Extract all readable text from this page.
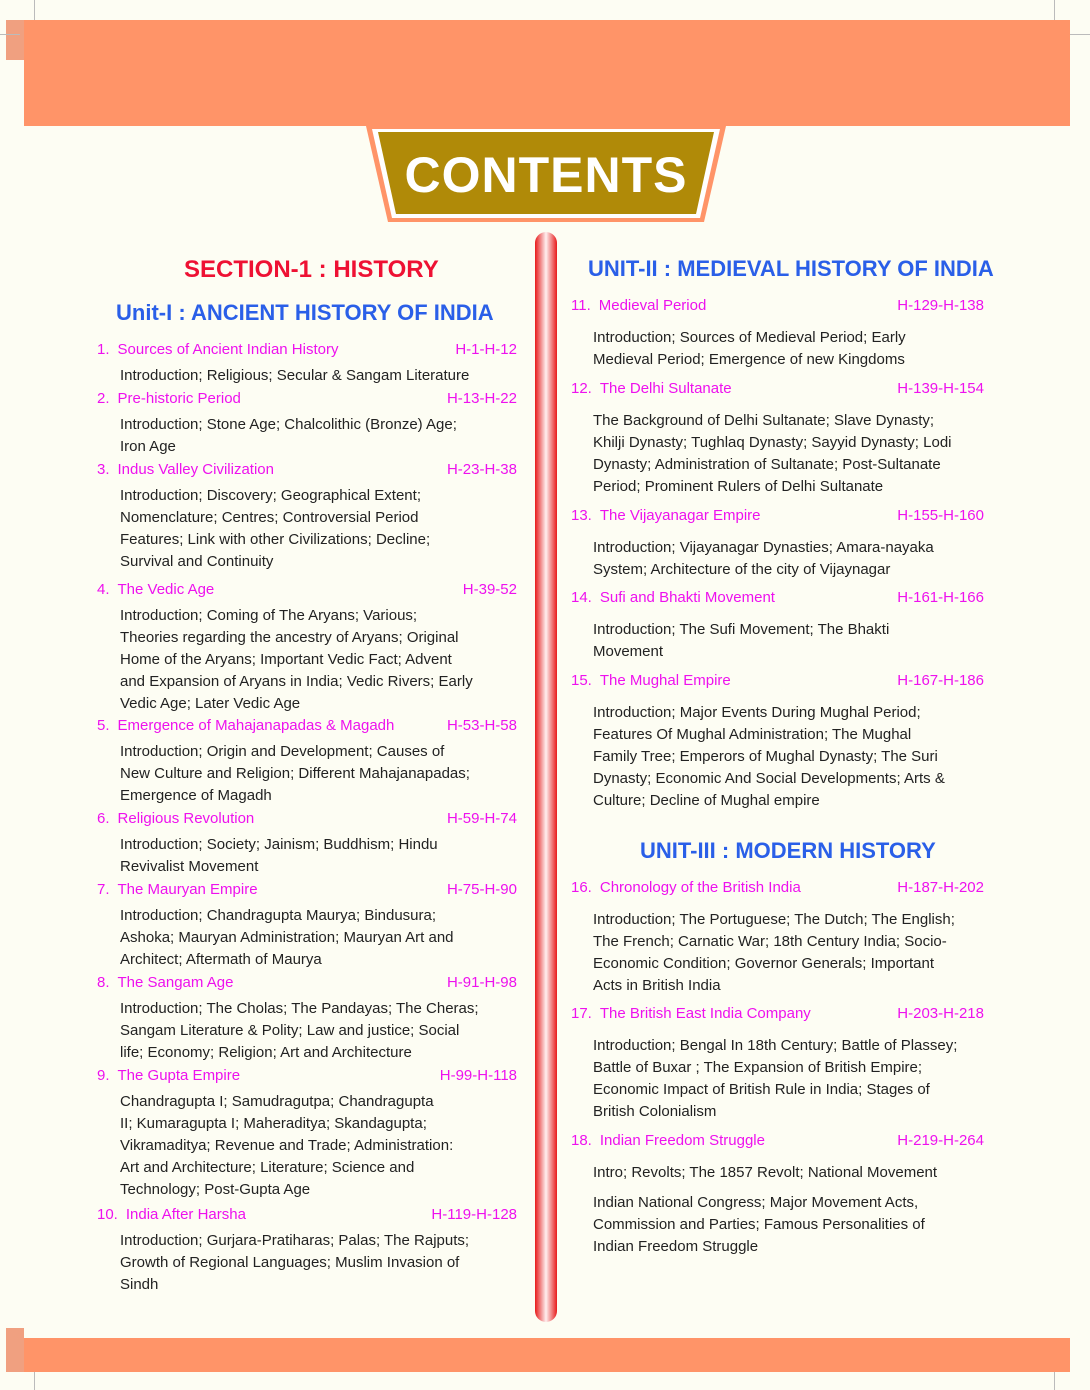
CONTENTS
SECTION-1 : HISTORY
Unit-I : ANCIENT HISTORY OF INDIA
UNIT-II : MEDIEVAL HISTORY OF INDIA
UNIT-III : MODERN HISTORY
1. Sources of Ancient Indian History	H-1-H-12
Introduction; Religious; Secular & Sangam Literature
2. Pre-historic Period	H-13-H-22
Introduction; Stone Age; Chalcolithic (Bronze) Age;
Iron Age
3. Indus Valley Civilization	H-23-H-38
Introduction; Discovery; Geographical Extent;
Nomenclature; Centres; Controversial Period
Features; Link with other Civilizations; Decline;
Survival and Continuity
4. The Vedic Age	H-39-52
Introduction; Coming of The Aryans; Various;
Theories regarding the ancestry of Aryans; Original
Home of the Aryans; Important Vedic Fact; Advent
and Expansion of Aryans in India; Vedic Rivers; Early
Vedic Age; Later Vedic Age
5. Emergence of Mahajanapadas & Magadh	H-53-H-58
Introduction; Origin and Development; Causes of
New Culture and Religion; Different Mahajanapadas;
Emergence of Magadh
6. Religious Revolution	H-59-H-74
Introduction; Society; Jainism; Buddhism; Hindu
Revivalist Movement
7. The Mauryan Empire	H-75-H-90
Introduction; Chandragupta Maurya; Bindusura;
Ashoka; Mauryan Administration; Mauryan Art and
Architect; Aftermath of Maurya
8. The Sangam Age	H-91-H-98
Introduction; The Cholas; The Pandayas; The Cheras;
Sangam Literature & Polity; Law and justice; Social
life; Economy; Religion; Art and Architecture
9. The Gupta Empire	H-99-H-118
Chandragupta I; Samudragutpa; Chandragupta
II; Kumaragupta I; Maheraditya; Skandagupta;
Vikramaditya; Revenue and Trade; Administration:
Art and Architecture; Literature; Science and
Technology; Post-Gupta Age
10. India After Harsha	H-119-H-128
Introduction; Gurjara-Pratiharas; Palas; The Rajputs;
Growth of Regional Languages; Muslim Invasion of
Sindh
11. Medieval Period	H-129-H-138
Introduction; Sources of Medieval Period; Early
Medieval Period; Emergence of new Kingdoms
12. The Delhi Sultanate	H-139-H-154
The Background of Delhi Sultanate; Slave Dynasty;
Khilji Dynasty; Tughlaq Dynasty; Sayyid Dynasty; Lodi
Dynasty; Administration of Sultanate; Post-Sultanate
Period; Prominent Rulers of Delhi Sultanate
13. The Vijayanagar Empire	H-155-H-160
Introduction; Vijayanagar Dynasties; Amara-nayaka
System; Architecture of the city of Vijaynagar
14. Sufi and Bhakti Movement	H-161-H-166
Introduction; The Sufi Movement; The Bhakti
Movement
15. The Mughal Empire	H-167-H-186
Introduction; Major Events During Mughal Period;
Features Of Mughal Administration; The Mughal
Family Tree; Emperors of Mughal Dynasty; The Suri
Dynasty; Economic And Social Developments; Arts &
Culture; Decline of Mughal empire
16. Chronology of the British India	H-187-H-202
Introduction; The Portuguese; The Dutch; The English;
The French; Carnatic War; 18th Century India; Socio-
Economic Condition; Governor Generals; Important
Acts in British India
17. The British East India Company	H-203-H-218
Introduction; Bengal In 18th Century; Battle of Plassey;
Battle of Buxar ; The Expansion of British Empire;
Economic Impact of British Rule in India; Stages of
British Colonialism
18. Indian Freedom Struggle	H-219-H-264
Intro; Revolts; The 1857 Revolt; National Movement
Indian National Congress; Major Movement Acts,
Commission and Parties; Famous Personalities of
Indian Freedom Struggle
